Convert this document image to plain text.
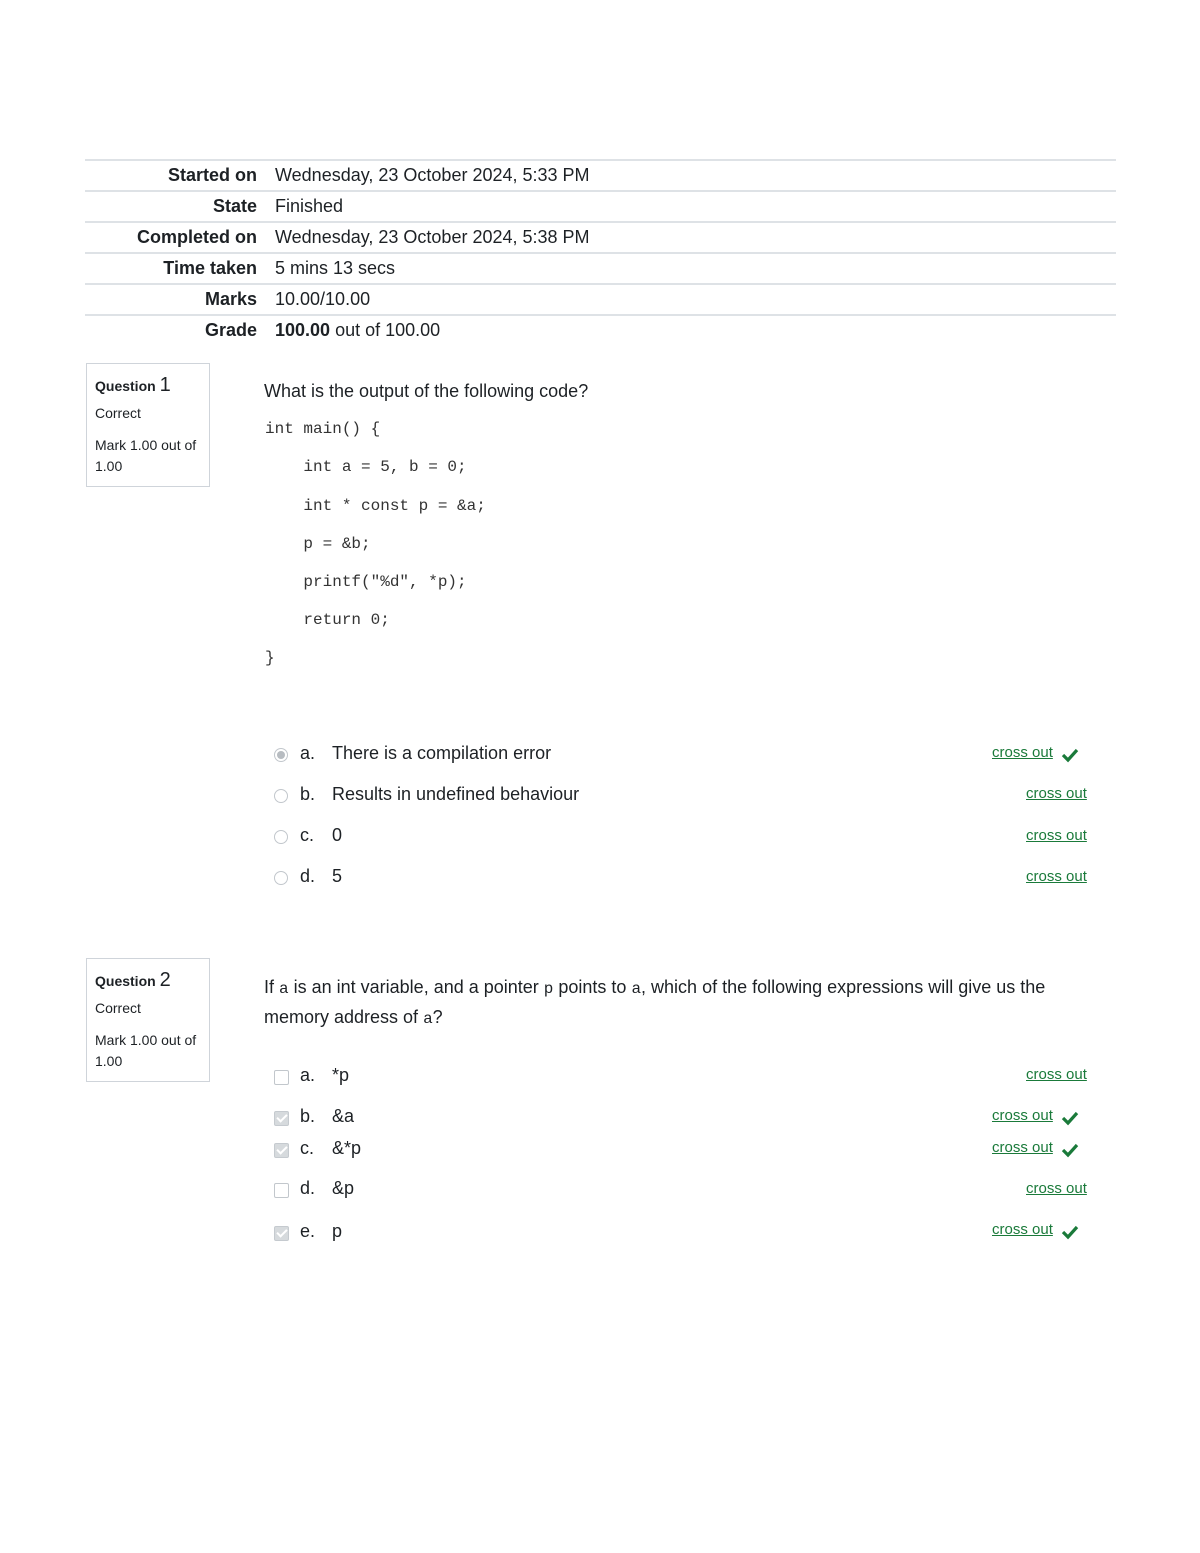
Started on	Wednesday, 23 October 2024, 5:33 PM
State	Finished
Completed on	Wednesday, 23 October 2024, 5:38 PM
Time taken	5 mins 13 secs
Marks	10.00/10.00
Grade	100.00 out of 100.00
Question 1
Correct
Mark 1.00 out of 1.00
What is the output of the following code?
int main() {
int a = 5, b = 0;
int * const p = &a;
p = &b;
printf("%d", *p);
return 0;
}
a. There is a compilation error	cross out
b. Results in undefined behaviour	cross out
c. 0	cross out
d. 5	cross out
Question 2
Correct
Mark 1.00 out of 1.00
If a is an int variable, and a pointer p points to a, which of the following expressions will give us the memory address of a?
a. *p	cross out
b. &a	cross out
c. &*p	cross out
d. &p	cross out
e. p	cross out
